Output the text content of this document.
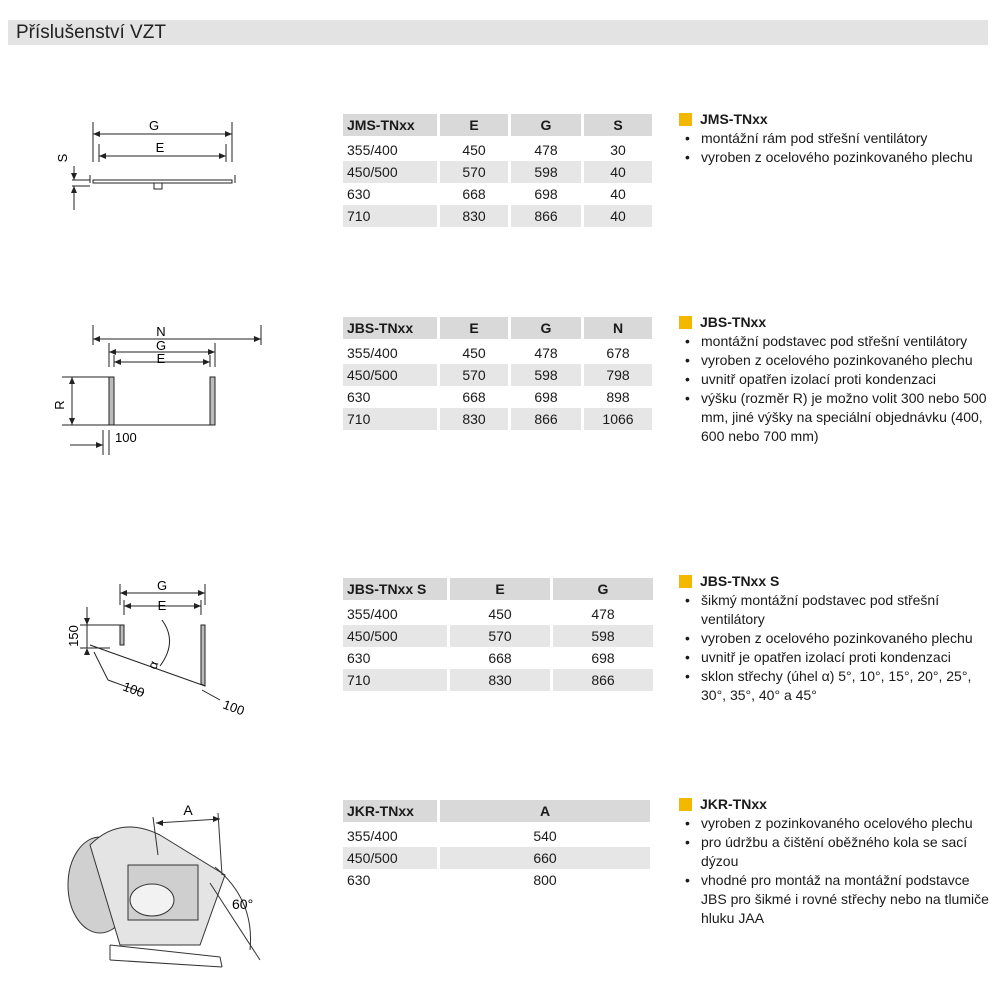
Příslušenství VZT
G
E
S
JMS-TNxx	E	G	S
355/400	450	478	30
450/500	570	598	40
630	668	698	40
710	830	866	40
JMS-TNxx
• montážní rám pod střešní ventilátory
• vyroben z ocelového pozinkovaného plechu
N
G
E
R
100
JBS-TNxx	E	G	N
355/400	450	478	678
450/500	570	598	798
630	668	698	898
710	830	866	1066
JBS-TNxx
• montážní podstavec pod střešní ventilátory
• vyroben z ocelového pozinkovaného plechu
• uvnitř opatřen izolací proti kondenzaci
• výšku (rozměr R) je možno volit 300 nebo 500 mm, jiné výšky na speciální objednávku (400, 600 nebo 700 mm)
G
E
150
α
100
100
JBS-TNxx S	E	G
355/400	450	478
450/500	570	598
630	668	698
710	830	866
JBS-TNxx S
• šikmý montážní podstavec pod střešní ventilátory
• vyroben z ocelového pozinkovaného plechu
• uvnitř je opatřen izolací proti kondenzaci
• sklon střechy (úhel α) 5°, 10°, 15°, 20°, 25°, 30°, 35°, 40° a 45°
A
60°
JKR-TNxx	A
355/400	540
450/500	660
630	800
JKR-TNxx
• vyroben z pozinkovaného ocelového plechu
• pro údržbu a čištění oběžného kola se sací dýzou
• vhodné pro montáž na montážní podstavce JBS pro šikmé i rovné střechy nebo na tlumiče hluku JAA
